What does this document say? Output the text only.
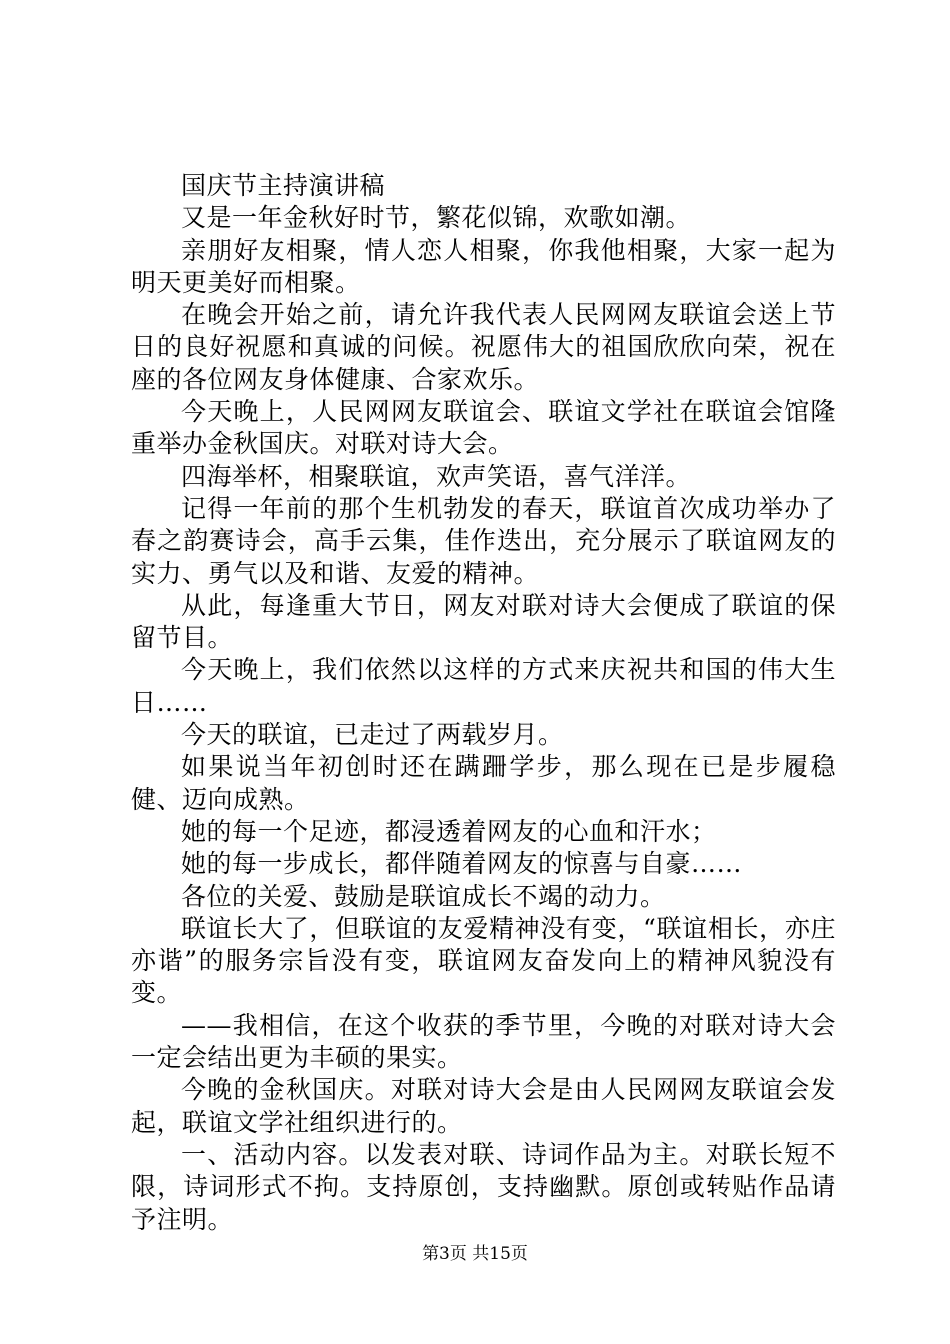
国庆节主持演讲稿

又是一年金秋好时节，繁花似锦，欢歌如潮。

亲朋好友相聚，情人恋人相聚，你我他相聚，大家一起为明天更美好而相聚。

在晚会开始之前，请允许我代表人民网网友联谊会送上节日的良好祝愿和真诚的问候。祝愿伟大的祖国欣欣向荣，祝在座的各位网友身体健康、合家欢乐。

今天晚上，人民网网友联谊会、联谊文学社在联谊会馆隆重举办金秋国庆。对联对诗大会。

四海举杯，相聚联谊，欢声笑语，喜气洋洋。

记得一年前的那个生机勃发的春天，联谊首次成功举办了春之韵赛诗会，高手云集，佳作迭出，充分展示了联谊网友的实力、勇气以及和谐、友爱的精神。

从此，每逢重大节日，网友对联对诗大会便成了联谊的保留节目。

今天晚上，我们依然以这样的方式来庆祝共和国的伟大生日……

今天的联谊，已走过了两载岁月。

如果说当年初创时还在蹒跚学步，那么现在已是步履稳健、迈向成熟。

她的每一个足迹，都浸透着网友的心血和汗水；

她的每一步成长，都伴随着网友的惊喜与自豪……

各位的关爱、鼓励是联谊成长不竭的动力。

联谊长大了，但联谊的友爱精神没有变，“联谊相长，亦庄亦谐”的服务宗旨没有变，联谊网友奋发向上的精神风貌没有变。

——我相信，在这个收获的季节里，今晚的对联对诗大会一定会结出更为丰硕的果实。

今晚的金秋国庆。对联对诗大会是由人民网网友联谊会发起，联谊文学社组织进行的。

一、活动内容。以发表对联、诗词作品为主。对联长短不限，诗词形式不拘。支持原创，支持幽默。原创或转贴作品请予注明。

第3页 共15页
